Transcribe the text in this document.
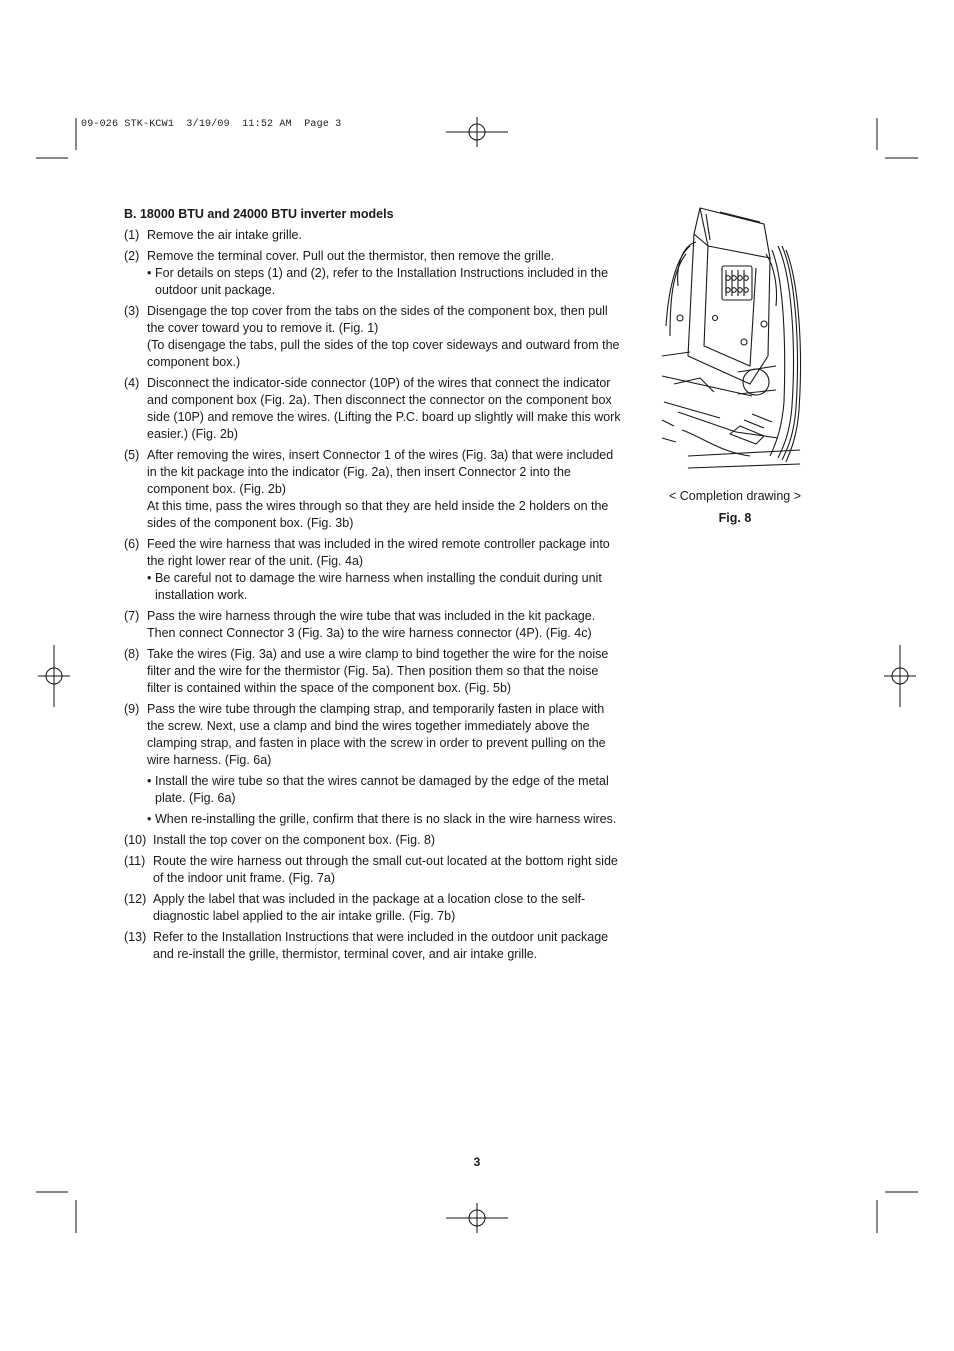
09-026 STK-KCW1  3/19/09  11:52 AM  Page 3
B. 18000 BTU and 24000 BTU inverter models
(1) Remove the air intake grille.
(2) Remove the terminal cover. Pull out the thermistor, then remove the grille.
• For details on steps (1) and (2), refer to the Installation Instructions included in the outdoor unit package.
(3) Disengage the top cover from the tabs on the sides of the component box, then pull the cover toward you to remove it. (Fig. 1)
(To disengage the tabs, pull the sides of the top cover sideways and outward from the component box.)
(4) Disconnect the indicator-side connector (10P) of the wires that connect the indicator and component box (Fig. 2a). Then disconnect the connector on the component box side (10P) and remove the wires. (Lifting the P.C. board up slightly will make this work easier.) (Fig. 2b)
(5) After removing the wires, insert Connector 1 of the wires (Fig. 3a) that were included in the kit package into the indicator (Fig. 2a), then insert Connector 2 into the component box. (Fig. 2b)
At this time, pass the wires through so that they are held inside the 2 holders on the sides of the component box. (Fig. 3b)
(6) Feed the wire harness that was included in the wired remote controller package into the right lower rear of the unit. (Fig. 4a)
• Be careful not to damage the wire harness when installing the conduit during unit installation work.
(7) Pass the wire harness through the wire tube that was included in the kit package. Then connect Connector 3 (Fig. 3a) to the wire harness connector (4P). (Fig. 4c)
(8) Take the wires (Fig. 3a) and use a wire clamp to bind together the wire for the noise filter and the wire for the thermistor (Fig. 5a). Then position them so that the noise filter is contained within the space of the component box. (Fig. 5b)
(9) Pass the wire tube through the clamping strap, and temporarily fasten in place with the screw. Next, use a clamp and bind the wires together immediately above the clamping strap, and fasten in place with the screw in order to prevent pulling on the wire harness. (Fig. 6a)
• Install the wire tube so that the wires cannot be damaged by the edge of the metal plate. (Fig. 6a)
• When re-installing the grille, confirm that there is no slack in the wire harness wires.
(10) Install the top cover on the component box. (Fig. 8)
(11) Route the wire harness out through the small cut-out located at the bottom right side of the indoor unit frame. (Fig. 7a)
(12) Apply the label that was included in the package at a location close to the self-diagnostic label applied to the air intake grille. (Fig. 7b)
(13) Refer to the Installation Instructions that were included in the outdoor unit package and re-install the grille, thermistor, terminal cover, and air intake grille.
< Completion drawing >
Fig. 8
3
